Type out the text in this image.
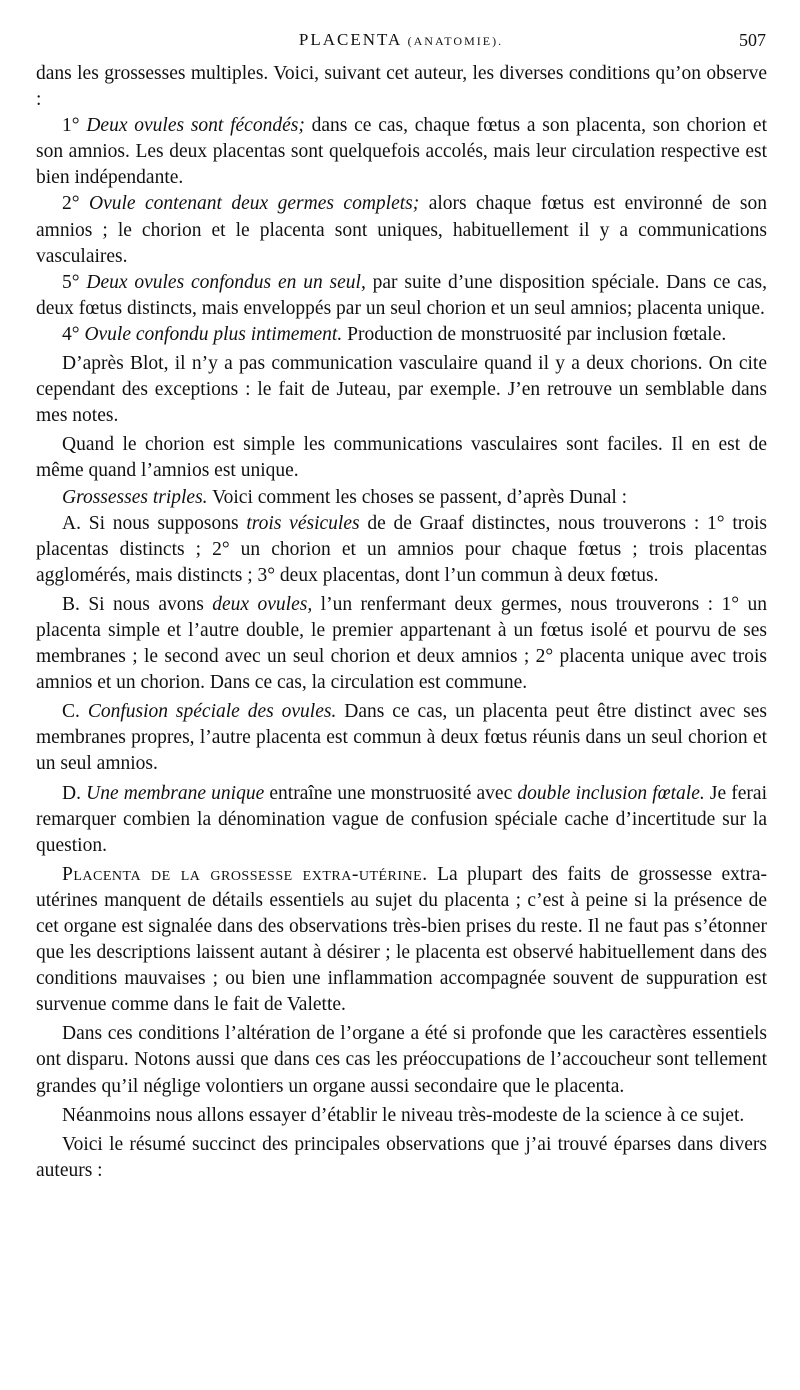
PLACENTA (ANATOMIE).	507

dans les grossesses multiples. Voici, suivant cet auteur, les diverses conditions qu’on observe :

1° Deux ovules sont fécondés; dans ce cas, chaque fœtus a son placenta, son chorion et son amnios. Les deux placentas sont quelquefois accolés, mais leur circulation respective est bien indépendante.

2° Ovule contenant deux germes complets; alors chaque fœtus est environné de son amnios ; le chorion et le placenta sont uniques, habituellement il y a communications vasculaires.

5° Deux ovules confondus en un seul, par suite d’une disposition spéciale. Dans ce cas, deux fœtus distincts, mais enveloppés par un seul chorion et un seul amnios; placenta unique.

4° Ovule confondu plus intimement. Production de monstruosité par inclusion fœtale.

D’après Blot, il n’y a pas communication vasculaire quand il y a deux chorions. On cite cependant des exceptions : le fait de Juteau, par exemple. J’en retrouve un semblable dans mes notes.

Quand le chorion est simple les communications vasculaires sont faciles. Il en est de même quand l’amnios est unique.

Grossesses triples. Voici comment les choses se passent, d’après Dunal :

A. Si nous supposons trois vésicules de de Graaf distinctes, nous trouverons : 1° trois placentas distincts ; 2° un chorion et un amnios pour chaque fœtus ; trois placentas agglomérés, mais distincts ; 3° deux placentas, dont l’un commun à deux fœtus.

B. Si nous avons deux ovules, l’un renfermant deux germes, nous trouverons : 1° un placenta simple et l’autre double, le premier appartenant à un fœtus isolé et pourvu de ses membranes ; le second avec un seul chorion et deux amnios ; 2° placenta unique avec trois amnios et un chorion. Dans ce cas, la circulation est commune.

C. Confusion spéciale des ovules. Dans ce cas, un placenta peut être distinct avec ses membranes propres, l’autre placenta est commun à deux fœtus réunis dans un seul chorion et un seul amnios.

D. Une membrane unique entraîne une monstruosité avec double inclusion fœtale. Je ferai remarquer combien la dénomination vague de confusion spéciale cache d’incertitude sur la question.

Placenta de la grossesse extra-utérine. La plupart des faits de grossesse extra-utérines manquent de détails essentiels au sujet du placenta ; c’est à peine si la présence de cet organe est signalée dans des observations très-bien prises du reste. Il ne faut pas s’étonner que les descriptions laissent autant à désirer ; le placenta est observé habituellement dans des conditions mauvaises ; ou bien une inflammation accompagnée souvent de suppuration est survenue comme dans le fait de Valette.

Dans ces conditions l’altération de l’organe a été si profonde que les caractères essentiels ont disparu. Notons aussi que dans ces cas les préoccupations de l’accoucheur sont tellement grandes qu’il néglige volontiers un organe aussi secondaire que le placenta.

Néanmoins nous allons essayer d’établir le niveau très-modeste de la science à ce sujet.

Voici le résumé succinct des principales observations que j’ai trouvé éparses dans divers auteurs :
